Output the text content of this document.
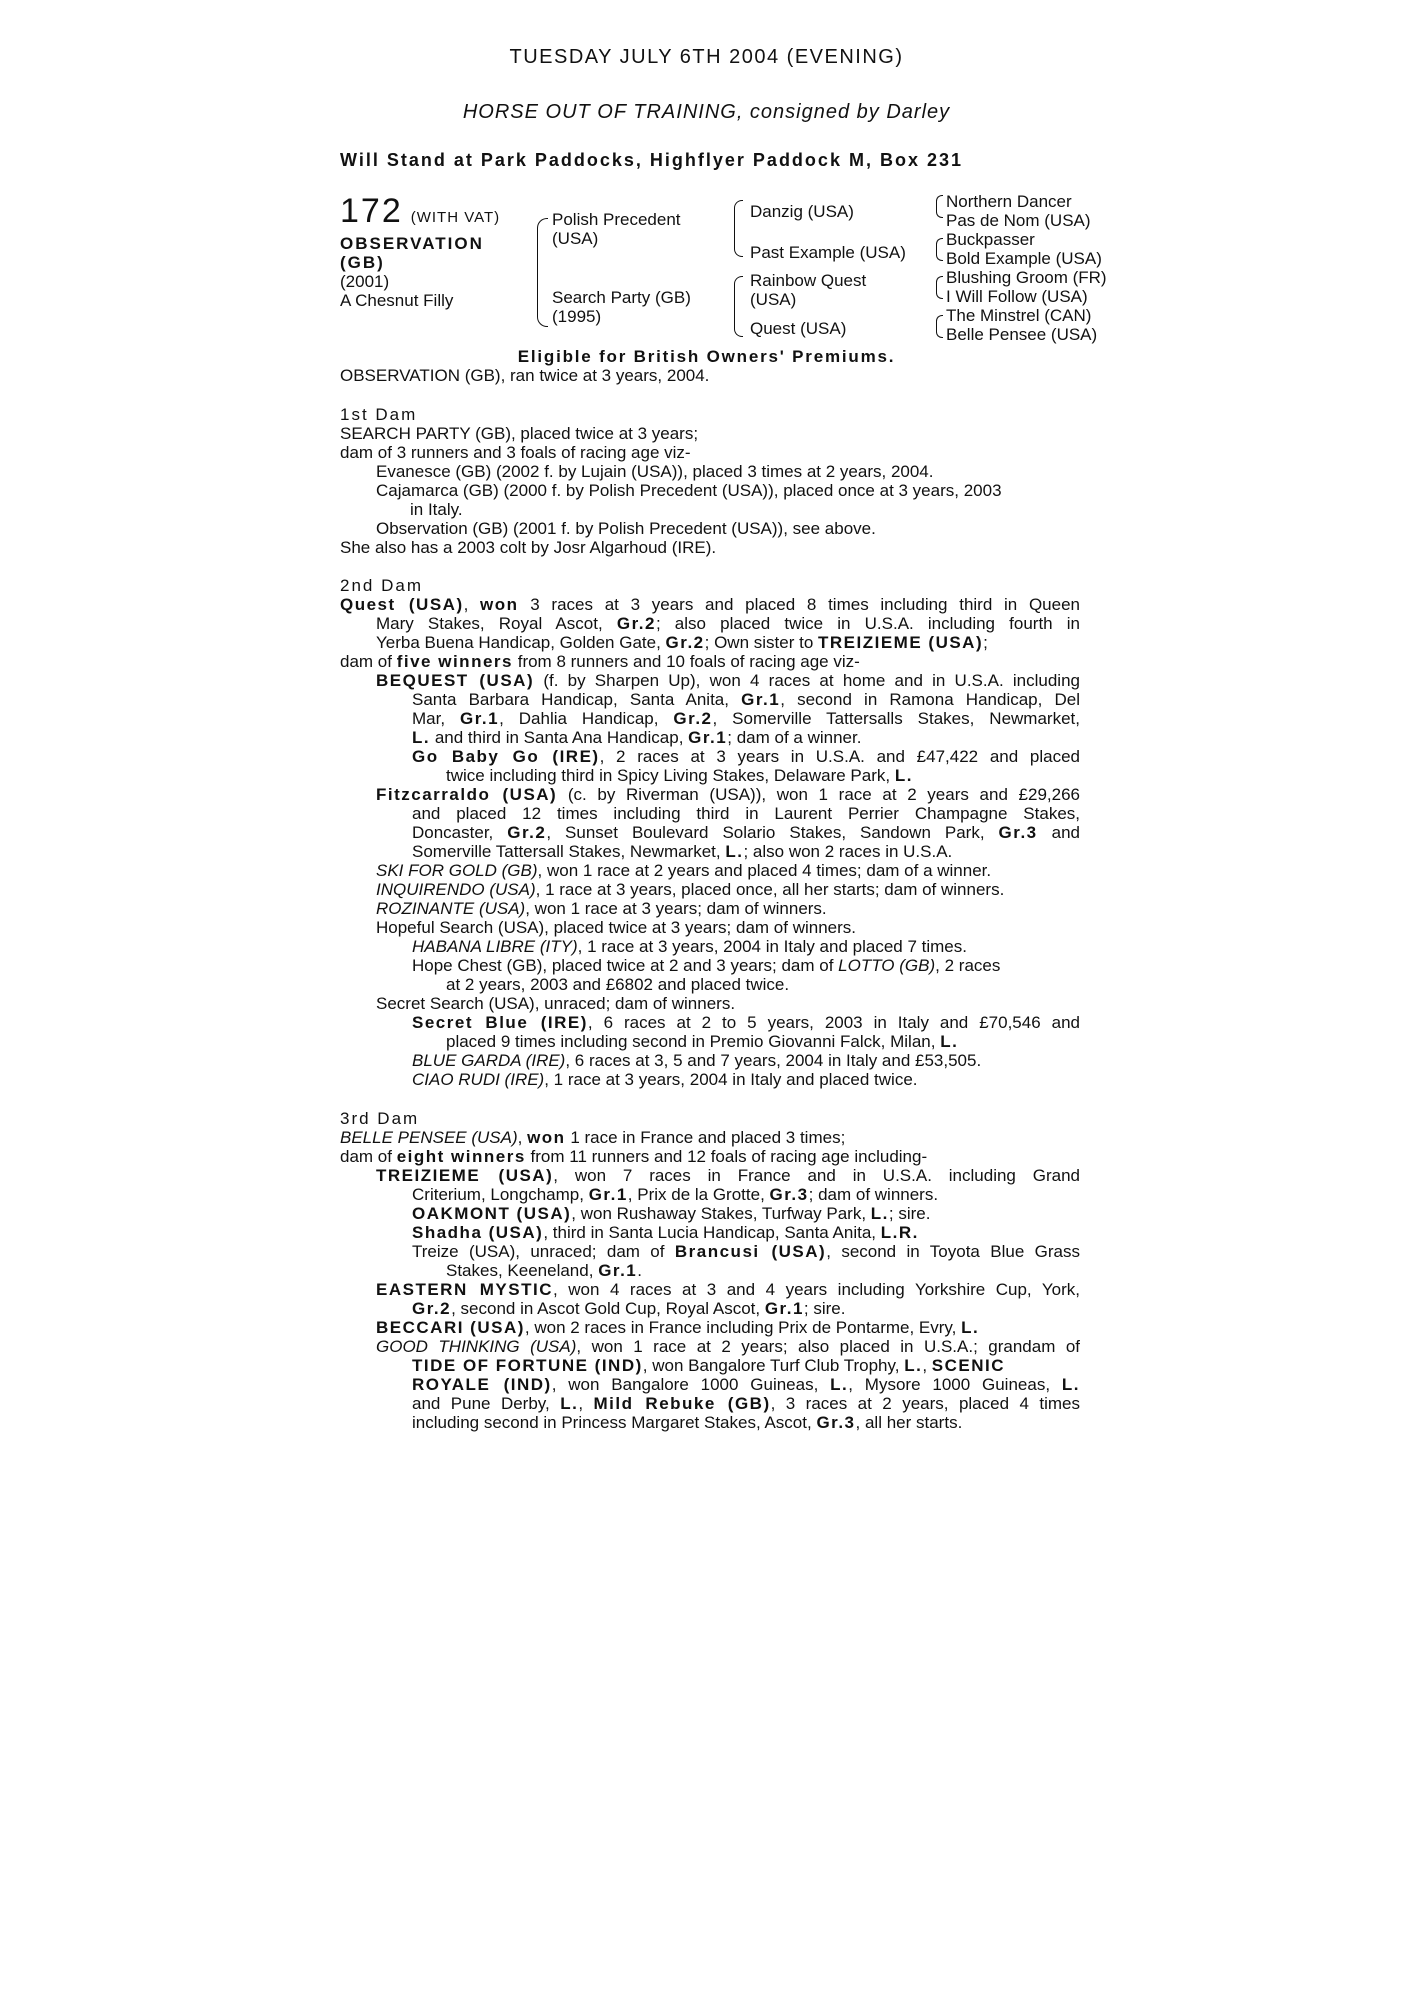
TUESDAY JULY 6TH 2004 (EVENING)
HORSE OUT OF TRAINING, consigned by Darley
Will Stand at Park Paddocks, Highflyer Paddock M, Box 231
172 (WITH VAT)
OBSERVATION
(GB)
(2001)
A Chesnut Filly
Polish Precedent
(USA)
Search Party (GB)
(1995)
Danzig (USA)
Past Example (USA)
Rainbow Quest
(USA)
Quest (USA)
Northern Dancer
Pas de Nom (USA)
Buckpasser
Bold Example (USA)
Blushing Groom (FR)
I Will Follow (USA)
The Minstrel (CAN)
Belle Pensee (USA)
Eligible for British Owners' Premiums.
OBSERVATION (GB), ran twice at 3 years, 2004.
1st Dam
SEARCH PARTY (GB), placed twice at 3 years;
dam of 3 runners and 3 foals of racing age viz-
Evanesce (GB) (2002 f. by Lujain (USA)), placed 3 times at 2 years, 2004.
Cajamarca (GB) (2000 f. by Polish Precedent (USA)), placed once at 3 years, 2003
in Italy.
Observation (GB) (2001 f. by Polish Precedent (USA)), see above.
She also has a 2003 colt by Josr Algarhoud (IRE).
2nd Dam
Quest (USA), won 3 races at 3 years and placed 8 times including third in Queen
Mary Stakes, Royal Ascot, Gr.2; also placed twice in U.S.A. including fourth in
Yerba Buena Handicap, Golden Gate, Gr.2; Own sister to TREIZIEME (USA);
dam of five winners from 8 runners and 10 foals of racing age viz-
BEQUEST (USA) (f. by Sharpen Up), won 4 races at home and in U.S.A. including
Santa Barbara Handicap, Santa Anita, Gr.1, second in Ramona Handicap, Del
Mar, Gr.1, Dahlia Handicap, Gr.2, Somerville Tattersalls Stakes, Newmarket,
L. and third in Santa Ana Handicap, Gr.1; dam of a winner.
Go Baby Go (IRE), 2 races at 3 years in U.S.A. and £47,422 and placed
twice including third in Spicy Living Stakes, Delaware Park, L.
Fitzcarraldo (USA) (c. by Riverman (USA)), won 1 race at 2 years and £29,266
and placed 12 times including third in Laurent Perrier Champagne Stakes,
Doncaster, Gr.2, Sunset Boulevard Solario Stakes, Sandown Park, Gr.3 and
Somerville Tattersall Stakes, Newmarket, L.; also won 2 races in U.S.A.
SKI FOR GOLD (GB), won 1 race at 2 years and placed 4 times; dam of a winner.
INQUIRENDO (USA), 1 race at 3 years, placed once, all her starts; dam of winners.
ROZINANTE (USA), won 1 race at 3 years; dam of winners.
Hopeful Search (USA), placed twice at 3 years; dam of winners.
HABANA LIBRE (ITY), 1 race at 3 years, 2004 in Italy and placed 7 times.
Hope Chest (GB), placed twice at 2 and 3 years; dam of LOTTO (GB), 2 races
at 2 years, 2003 and £6802 and placed twice.
Secret Search (USA), unraced; dam of winners.
Secret Blue (IRE), 6 races at 2 to 5 years, 2003 in Italy and £70,546 and
placed 9 times including second in Premio Giovanni Falck, Milan, L.
BLUE GARDA (IRE), 6 races at 3, 5 and 7 years, 2004 in Italy and £53,505.
CIAO RUDI (IRE), 1 race at 3 years, 2004 in Italy and placed twice.
3rd Dam
BELLE PENSEE (USA), won 1 race in France and placed 3 times;
dam of eight winners from 11 runners and 12 foals of racing age including-
TREIZIEME (USA), won 7 races in France and in U.S.A. including Grand
Criterium, Longchamp, Gr.1, Prix de la Grotte, Gr.3; dam of winners.
OAKMONT (USA), won Rushaway Stakes, Turfway Park, L.; sire.
Shadha (USA), third in Santa Lucia Handicap, Santa Anita, L.R.
Treize (USA), unraced; dam of Brancusi (USA), second in Toyota Blue Grass
Stakes, Keeneland, Gr.1.
EASTERN MYSTIC, won 4 races at 3 and 4 years including Yorkshire Cup, York,
Gr.2, second in Ascot Gold Cup, Royal Ascot, Gr.1; sire.
BECCARI (USA), won 2 races in France including Prix de Pontarme, Evry, L.
GOOD THINKING (USA), won 1 race at 2 years; also placed in U.S.A.; grandam of
TIDE OF FORTUNE (IND), won Bangalore Turf Club Trophy, L., SCENIC
ROYALE (IND), won Bangalore 1000 Guineas, L., Mysore 1000 Guineas, L.
and Pune Derby, L., Mild Rebuke (GB), 3 races at 2 years, placed 4 times
including second in Princess Margaret Stakes, Ascot, Gr.3, all her starts.
